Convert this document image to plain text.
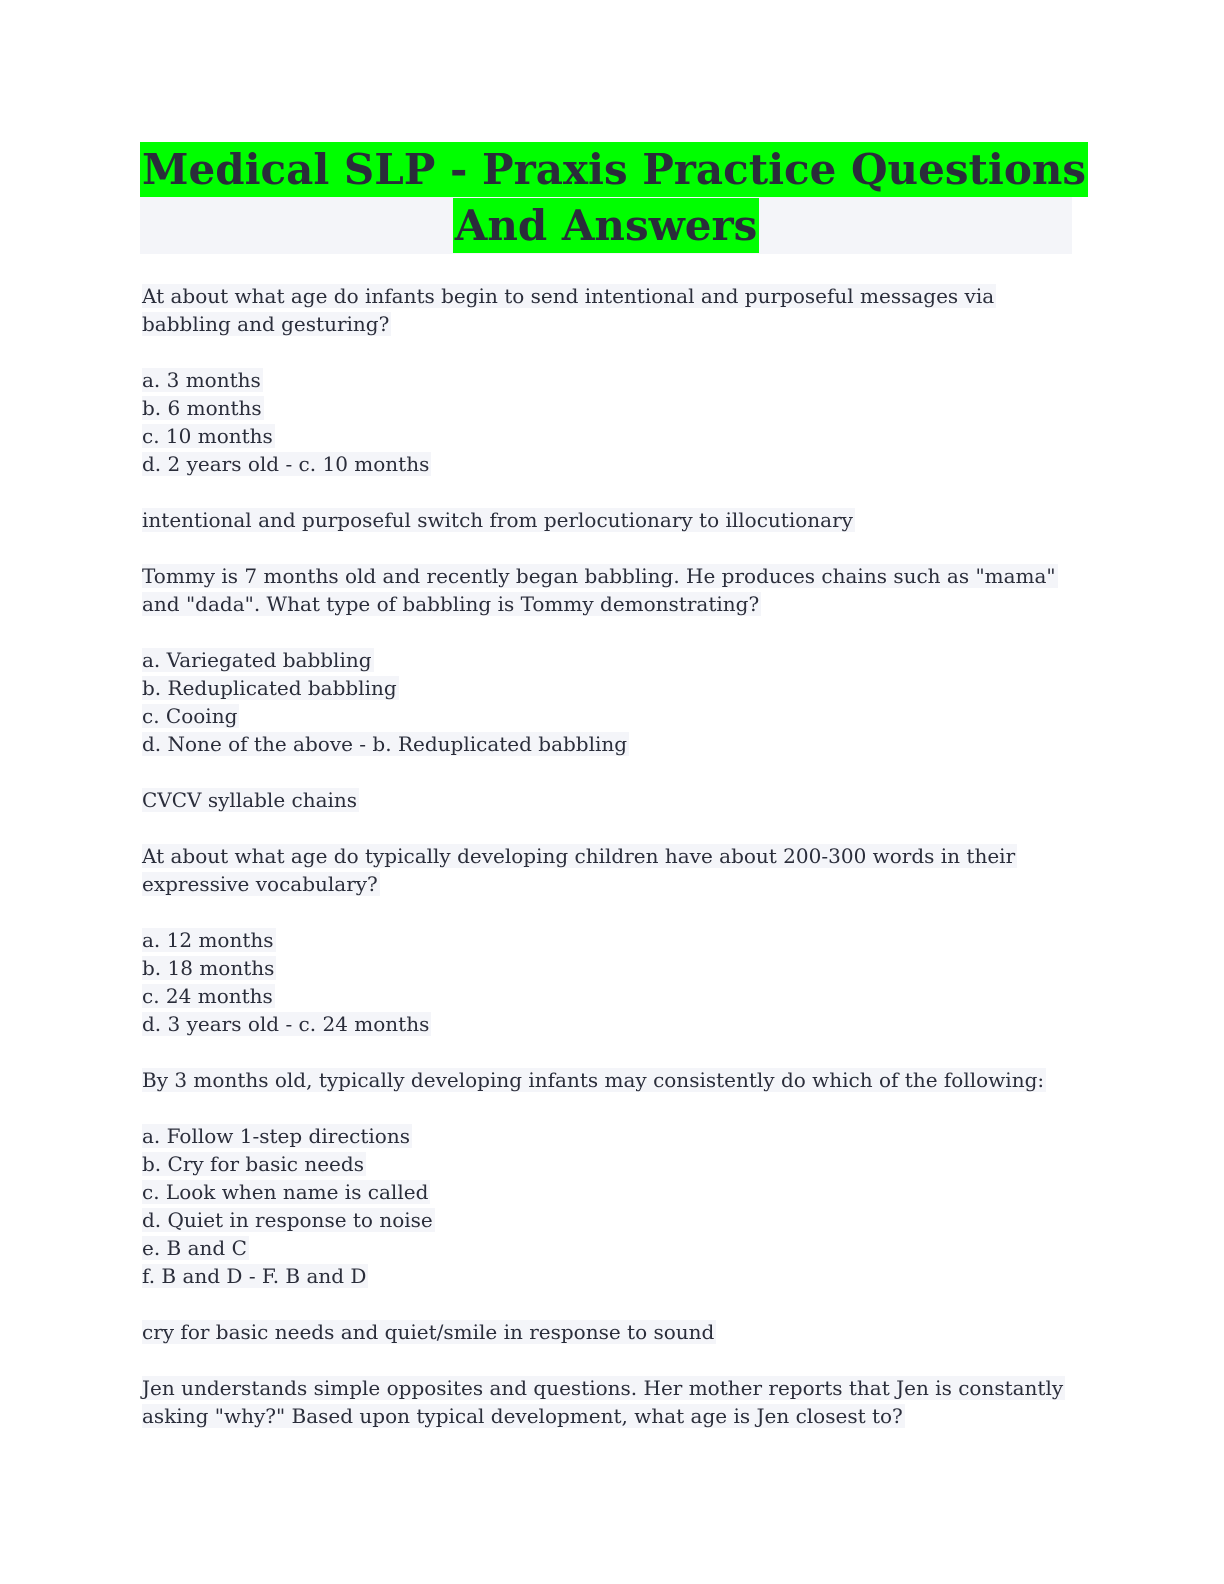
Medical SLP - Praxis Practice Questions
And Answers
At about what age do infants begin to send intentional and purposeful messages via
babbling and gesturing?
a. 3 months
b. 6 months
c. 10 months
d. 2 years old - c. 10 months
intentional and purposeful switch from perlocutionary to illocutionary
Tommy is 7 months old and recently began babbling. He produces chains such as "mama"
and "dada". What type of babbling is Tommy demonstrating?
a. Variegated babbling
b. Reduplicated babbling
c. Cooing
d. None of the above - b. Reduplicated babbling
CVCV syllable chains
At about what age do typically developing children have about 200-300 words in their
expressive vocabulary?
a. 12 months
b. 18 months
c. 24 months
d. 3 years old - c. 24 months
By 3 months old, typically developing infants may consistently do which of the following:
a. Follow 1-step directions
b. Cry for basic needs
c. Look when name is called
d. Quiet in response to noise
e. B and C
f. B and D - F. B and D
cry for basic needs and quiet/smile in response to sound
Jen understands simple opposites and questions. Her mother reports that Jen is constantly
asking "why?" Based upon typical development, what age is Jen closest to?
